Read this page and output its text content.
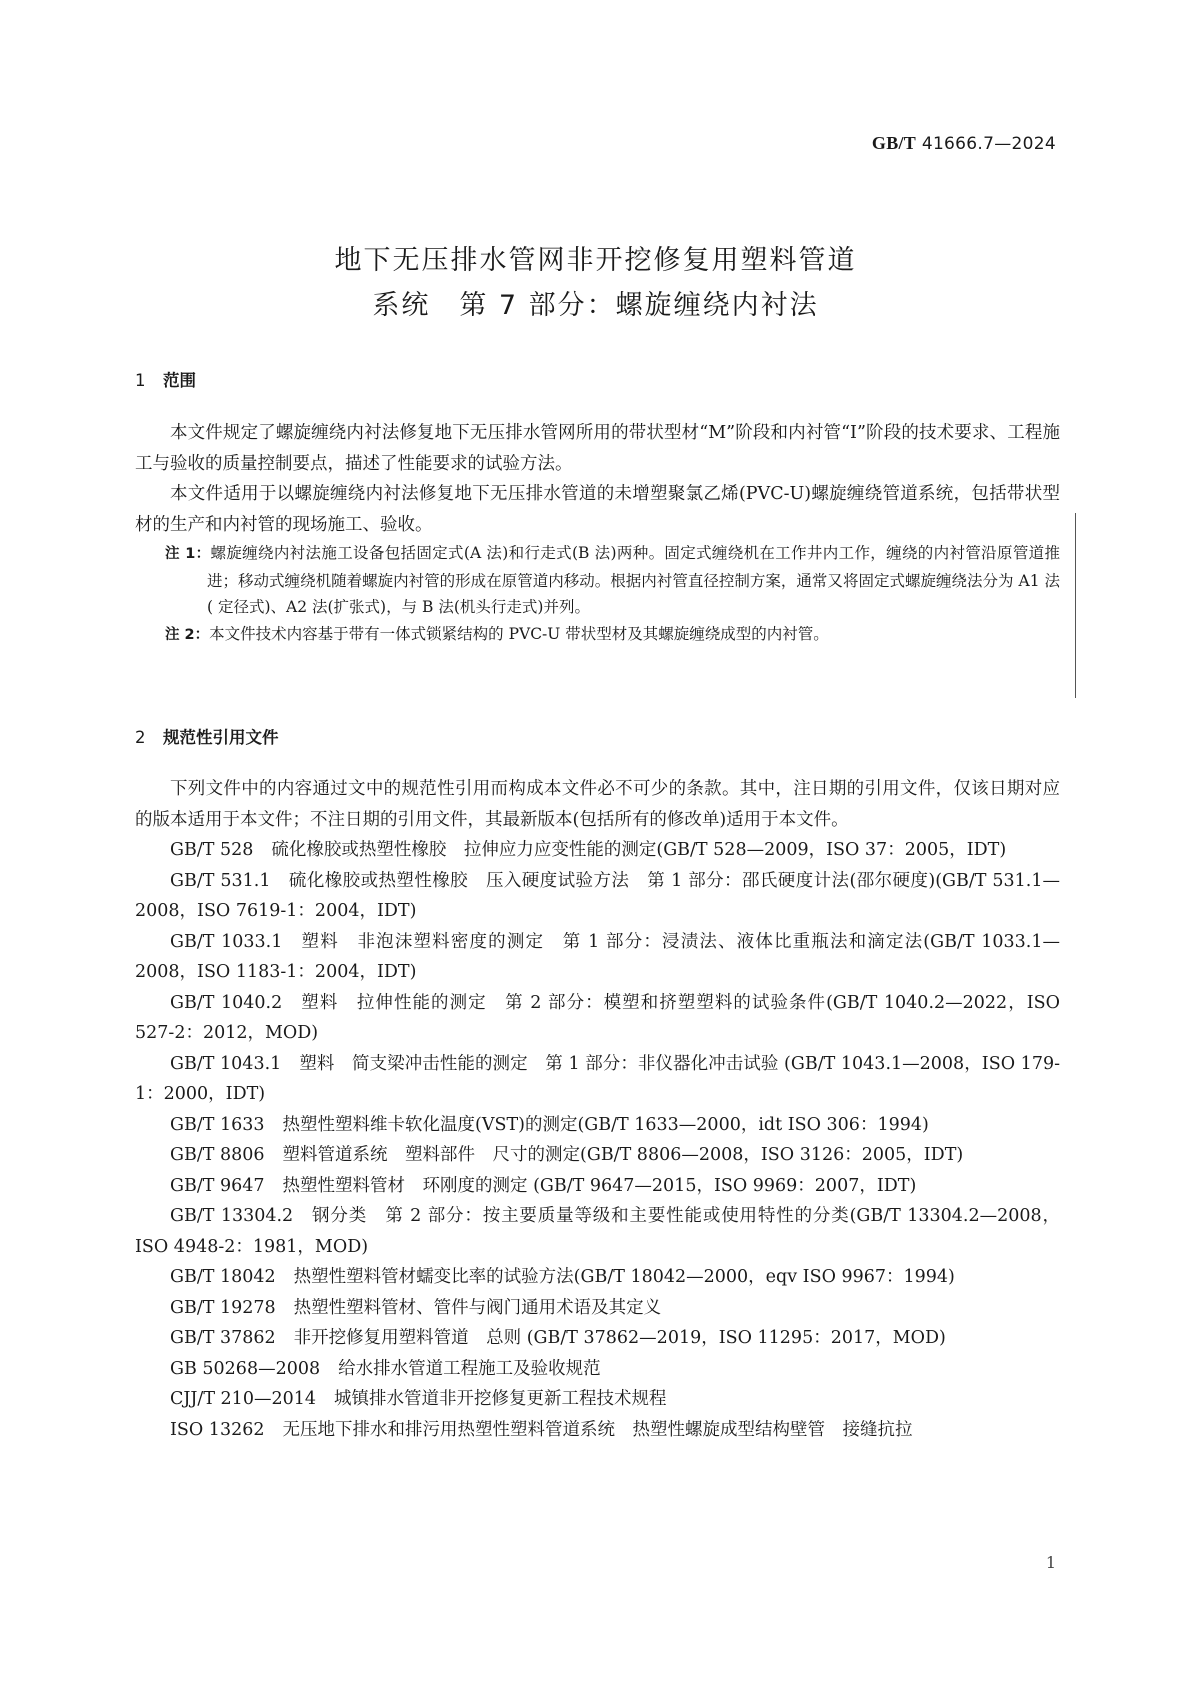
GB/T 41666.7—2024
地下无压排水管网非开挖修复用塑料管道
系统　第 7 部分：螺旋缠绕内衬法
1 范围

本文件规定了螺旋缠绕内衬法修复地下无压排水管网所用的带状型材“M”阶段和内衬管“I”阶段的技术要求、工程施工与验收的质量控制要点，描述了性能要求的试验方法。

本文件适用于以螺旋缠绕内衬法修复地下无压排水管道的未增塑聚氯乙烯(PVC-U)螺旋缠绕管道系统，包括带状型材的生产和内衬管的现场施工、验收。

注 1：螺旋缠绕内衬法施工设备包括固定式(A 法)和行走式(B 法)两种。固定式缠绕机在工作井内工作，缠绕的内衬管沿原管道推进；移动式缠绕机随着螺旋内衬管的形成在原管道内移动。根据内衬管直径控制方案，通常又将固定式螺旋缠绕法分为 A1 法( 定径式)、A2 法(扩张式)，与 B 法(机头行走式)并列。

注 2：本文件技术内容基于带有一体式锁紧结构的 PVC-U 带状型材及其螺旋缠绕成型的内衬管。

2 规范性引用文件

下列文件中的内容通过文中的规范性引用而构成本文件必不可少的条款。其中，注日期的引用文件，仅该日期对应的版本适用于本文件；不注日期的引用文件，其最新版本(包括所有的修改单)适用于本文件。

GB/T 528 硫化橡胶或热塑性橡胶　拉伸应力应变性能的测定(GB/T 528—2009，ISO 37：2005，IDT)

GB/T 531.1 硫化橡胶或热塑性橡胶　压入硬度试验方法　第 1 部分：邵氏硬度计法(邵尔硬度)(GB/T 531.1—2008，ISO 7619-1：2004，IDT)

GB/T 1033.1 塑料　非泡沫塑料密度的测定　第 1 部分：浸渍法、液体比重瓶法和滴定法(GB/T 1033.1—2008，ISO 1183-1：2004，IDT)

GB/T 1040.2 塑料　拉伸性能的测定　第 2 部分：模塑和挤塑塑料的试验条件(GB/T 1040.2—2022，ISO 527-2：2012，MOD)

GB/T 1043.1 塑料　简支梁冲击性能的测定　第 1 部分：非仪器化冲击试验 (GB/T 1043.1—2008，ISO 179-1：2000，IDT)

GB/T 1633 热塑性塑料维卡软化温度(VST)的测定(GB/T 1633—2000，idt ISO 306：1994)

GB/T 8806 塑料管道系统　塑料部件　尺寸的测定(GB/T 8806—2008，ISO 3126：2005，IDT)

GB/T 9647 热塑性塑料管材　环刚度的测定 (GB/T 9647—2015，ISO 9969：2007，IDT)

GB/T 13304.2 钢分类　第 2 部分：按主要质量等级和主要性能或使用特性的分类(GB/T 13304.2—2008，ISO 4948-2：1981，MOD)

GB/T 18042 热塑性塑料管材蠕变比率的试验方法(GB/T 18042—2000，eqv ISO 9967：1994)

GB/T 19278 热塑性塑料管材、管件与阀门通用术语及其定义

GB/T 37862 非开挖修复用塑料管道　总则 (GB/T 37862—2019，ISO 11295：2017，MOD)

GB 50268—2008 给水排水管道工程施工及验收规范

CJJ/T 210—2014 城镇排水管道非开挖修复更新工程技术规程

ISO 13262 无压地下排水和排污用热塑性塑料管道系统　热塑性螺旋成型结构壁管　接缝抗拉

1
